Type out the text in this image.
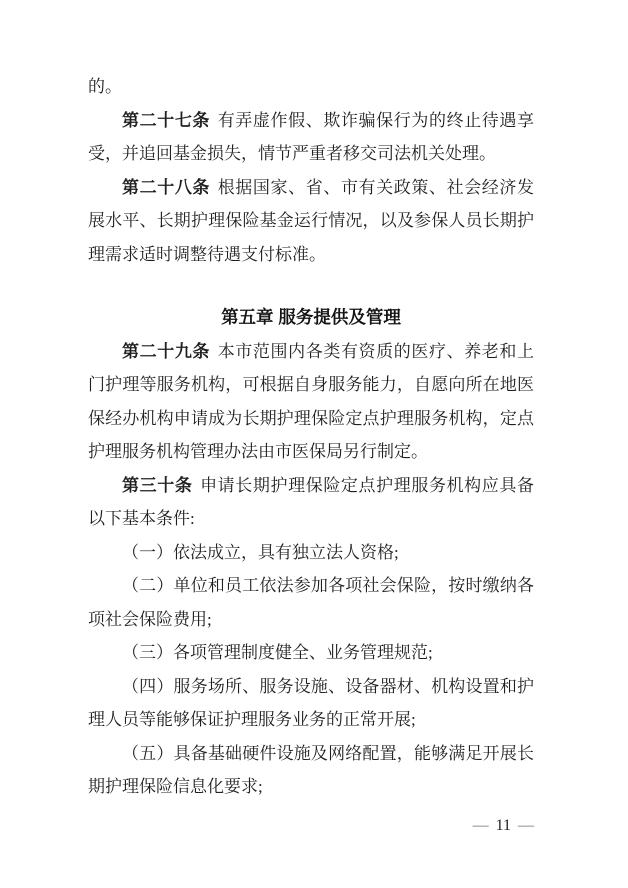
的。

第二十七条 有弄虚作假、欺诈骗保行为的终止待遇享受，并追回基金损失，情节严重者移交司法机关处理。

第二十八条 根据国家、省、市有关政策、社会经济发展水平、长期护理保险基金运行情况，以及参保人员长期护理需求适时调整待遇支付标准。

第五章 服务提供及管理

第二十九条 本市范围内各类有资质的医疗、养老和上门护理等服务机构，可根据自身服务能力，自愿向所在地医保经办机构申请成为长期护理保险定点护理服务机构，定点护理服务机构管理办法由市医保局另行制定。

第三十条 申请长期护理保险定点护理服务机构应具备以下基本条件:

（一）依法成立，具有独立法人资格;

（二）单位和员工依法参加各项社会保险，按时缴纳各项社会保险费用;

（三）各项管理制度健全、业务管理规范;

（四）服务场所、服务设施、设备器材、机构设置和护理人员等能够保证护理服务业务的正常开展;

（五）具备基础硬件设施及网络配置，能够满足开展长期护理保险信息化要求;

— 11 —
